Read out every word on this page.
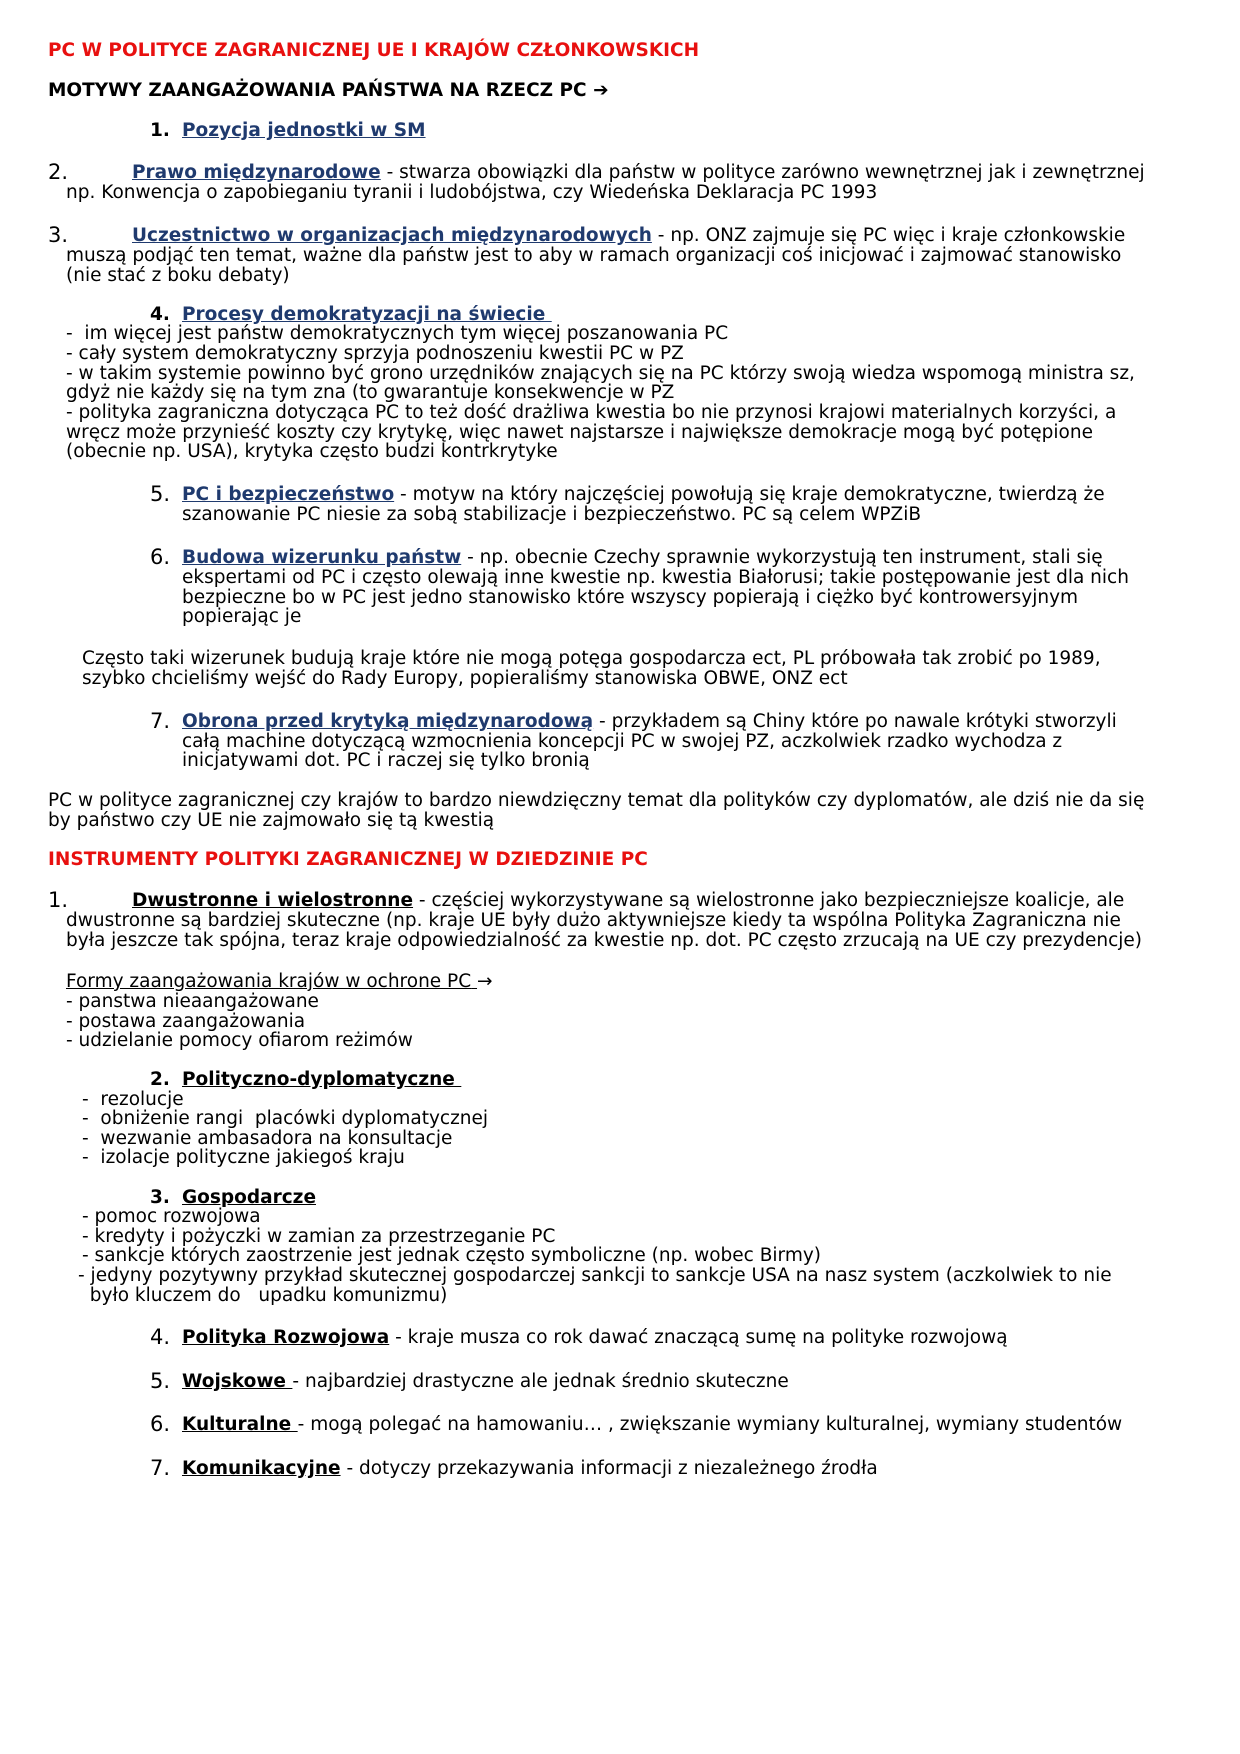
PC W POLITYCE ZAGRANICZNEJ UE I KRAJÓW CZŁONKOWSKICH
MOTYWY ZAANGAŻOWANIA PAŃSTWA NA RZECZ PC ➔
1. Pozycja jednostki w SM
2.	Prawo międzynarodowe - stwarza obowiązki dla państw w polityce zarówno wewnętrznej jak i zewnętrznej
np. Konwencja o zapobieganiu tyranii i ludobójstwa, czy Wiedeńska Deklaracja PC 1993
3.	Uczestnictwo w organizacjach międzynarodowych - np. ONZ zajmuje się PC więc i kraje członkowskie
muszą podjąć ten temat, ważne dla państw jest to aby w ramach organizacji coś inicjować i zajmować stanowisko
(nie stać z boku debaty)
4. Procesy demokratyzacji na świecie
-  im więcej jest państw demokratycznych tym więcej poszanowania PC
- cały system demokratyczny sprzyja podnoszeniu kwestii PC w PZ
- w takim systemie powinno być grono urzędników znających się na PC którzy swoją wiedza wspomogą ministra sz,
gdyż nie każdy się na tym zna (to gwarantuje konsekwencje w PZ
- polityka zagraniczna dotycząca PC to też dość drażliwa kwestia bo nie przynosi krajowi materialnych korzyści, a
wręcz może przynieść koszty czy krytykę, więc nawet najstarsze i największe demokracje mogą być potępione
(obecnie np. USA), krytyka często budzi kontrkrytyke
5. PC i bezpieczeństwo - motyw na który najczęściej powołują się kraje demokratyczne, twierdzą że
szanowanie PC niesie za sobą stabilizacje i bezpieczeństwo. PC są celem WPZiB
6. Budowa wizerunku państw - np. obecnie Czechy sprawnie wykorzystują ten instrument, stali się
ekspertami od PC i często olewają inne kwestie np. kwestia Białorusi; takie postępowanie jest dla nich
bezpieczne bo w PC jest jedno stanowisko które wszyscy popierają i ciężko być kontrowersyjnym
popierając je
Często taki wizerunek budują kraje które nie mogą potęga gospodarcza ect, PL próbowała tak zrobić po 1989,
szybko chcieliśmy wejść do Rady Europy, popieraliśmy stanowiska OBWE, ONZ ect
7. Obrona przed krytyką międzynarodową - przykładem są Chiny które po nawale krótyki stworzyli
całą machine dotyczącą wzmocnienia koncepcji PC w swojej PZ, aczkolwiek rzadko wychodza z
inicjatywami dot. PC i raczej się tylko bronią
PC w polityce zagranicznej czy krajów to bardzo niewdzięczny temat dla polityków czy dyplomatów, ale dziś nie da się
by państwo czy UE nie zajmowało się tą kwestią
INSTRUMENTY POLITYKI ZAGRANICZNEJ W DZIEDZINIE PC
1.	Dwustronne i wielostronne - częściej wykorzystywane są wielostronne jako bezpieczniejsze koalicje, ale
dwustronne są bardziej skuteczne (np. kraje UE były dużo aktywniejsze kiedy ta wspólna Polityka Zagraniczna nie
była jeszcze tak spójna, teraz kraje odpowiedzialność za kwestie np. dot. PC często zrzucają na UE czy prezydencje)
Formy zaangażowania krajów w ochrone PC →
- panstwa nieaangażowane
- postawa zaangażowania
- udzielanie pomocy ofiarom reżimów
2. Polityczno-dyplomatyczne
-  rezolucje
-  obniżenie rangi  placówki dyplomatycznej
-  wezwanie ambasadora na konsultacje
-  izolacje polityczne jakiegoś kraju
3. Gospodarcze
- pomoc rozwojowa
- kredyty i pożyczki w zamian za przestrzeganie PC
- sankcje których zaostrzenie jest jednak często symboliczne (np. wobec Birmy)
- jedyny pozytywny przykład skutecznej gospodarczej sankcji to sankcje USA na nasz system (aczkolwiek to nie
było kluczem do   upadku komunizmu)
4. Polityka Rozwojowa - kraje musza co rok dawać znaczącą sumę na polityke rozwojową
5. Wojskowe - najbardziej drastyczne ale jednak średnio skuteczne
6. Kulturalne - mogą polegać na hamowaniu… , zwiększanie wymiany kulturalnej, wymiany studentów
7. Komunikacyjne - dotyczy przekazywania informacji z niezależnego źrodła
